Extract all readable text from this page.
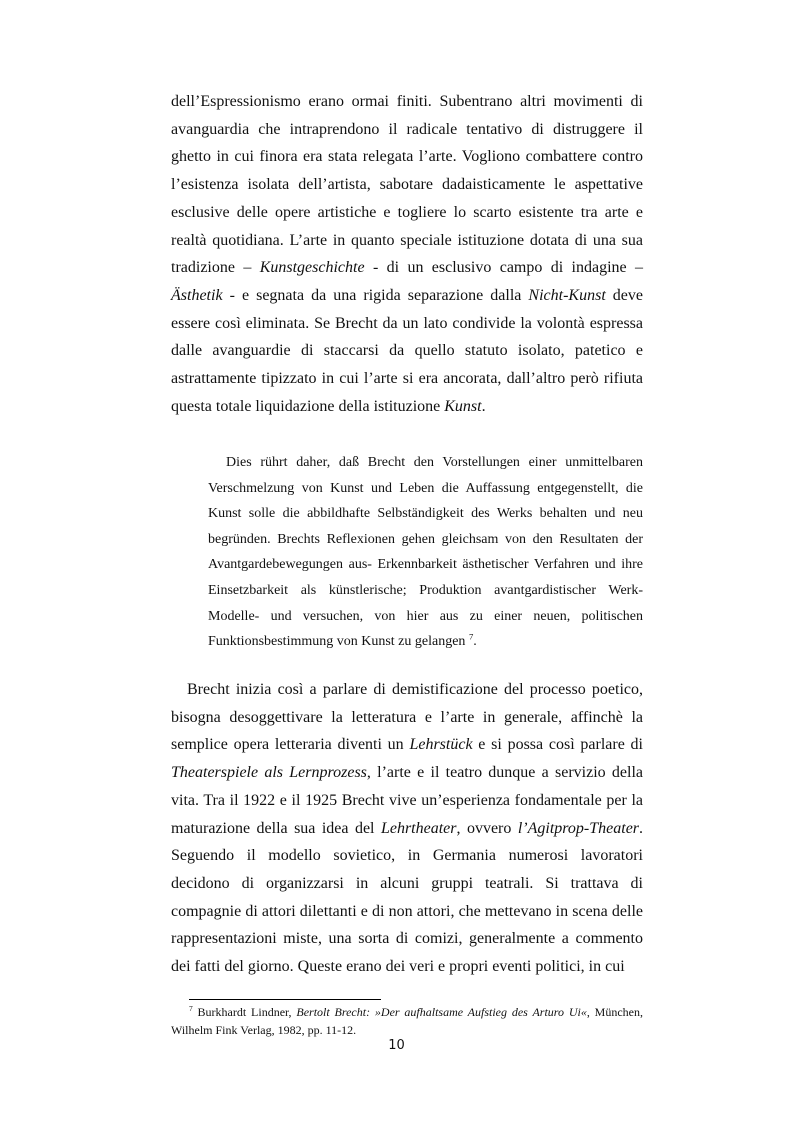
dell’Espressionismo erano ormai finiti. Subentrano altri movimenti di avanguardia che intraprendono il radicale tentativo di distruggere il ghetto in cui finora era stata relegata l’arte. Vogliono combattere contro l’esistenza isolata dell’artista, sabotare dadaisticamente le aspettative esclusive delle opere artistiche e togliere lo scarto esistente tra arte e realtà quotidiana. L’arte in quanto speciale istituzione dotata di una sua tradizione – Kunstgeschichte - di un esclusivo campo di indagine – Ästhetik - e segnata da una rigida separazione dalla Nicht-Kunst deve essere così eliminata. Se Brecht da un lato condivide la volontà espressa dalle avanguardie di staccarsi da quello statuto isolato, patetico e astrattamente tipizzato in cui l’arte si era ancorata, dall’altro però rifiuta questa totale liquidazione della istituzione Kunst.

Dies rührt daher, daß Brecht den Vorstellungen einer unmittelbaren Verschmelzung von Kunst und Leben die Auffassung entgegenstellt, die Kunst solle die abbildhafte Selbständigkeit des Werks behalten und neu begründen. Brechts Reflexionen gehen gleichsam von den Resultaten der Avantgardebewegungen aus- Erkennbarkeit ästhetischer Verfahren und ihre Einsetzbarkeit als künstlerische; Produktion avantgardistischer Werk- Modelle- und versuchen, von hier aus zu einer neuen, politischen Funktionsbestimmung von Kunst zu gelangen $^7$.

Brecht inizia così a parlare di demistificazione del processo poetico, bisogna desoggettivare la letteratura e l’arte in generale, affinchè la semplice opera letteraria diventi un Lehrstück e si possa così parlare di Theaterspiele als Lernprozess, l’arte e il teatro dunque a servizio della vita. Tra il 1922 e il 1925 Brecht vive un’esperienza fondamentale per la maturazione della sua idea del Lehrtheater, ovvero l’Agitprop-Theater. Seguendo il modello sovietico, in Germania numerosi lavoratori decidono di organizzarsi in alcuni gruppi teatrali. Si trattava di compagnie di attori dilettanti e di non attori, che mettevano in scena delle rappresentazioni miste, una sorta di comizi, generalmente a commento dei fatti del giorno. Queste erano dei veri e propri eventi politici, in cui

$^7$ Burkhardt Lindner, Bertolt Brecht: »Der aufhaltsame Aufstieg des Arturo Ui«, München, Wilhelm Fink Verlag, 1982, pp. 11-12.

10
